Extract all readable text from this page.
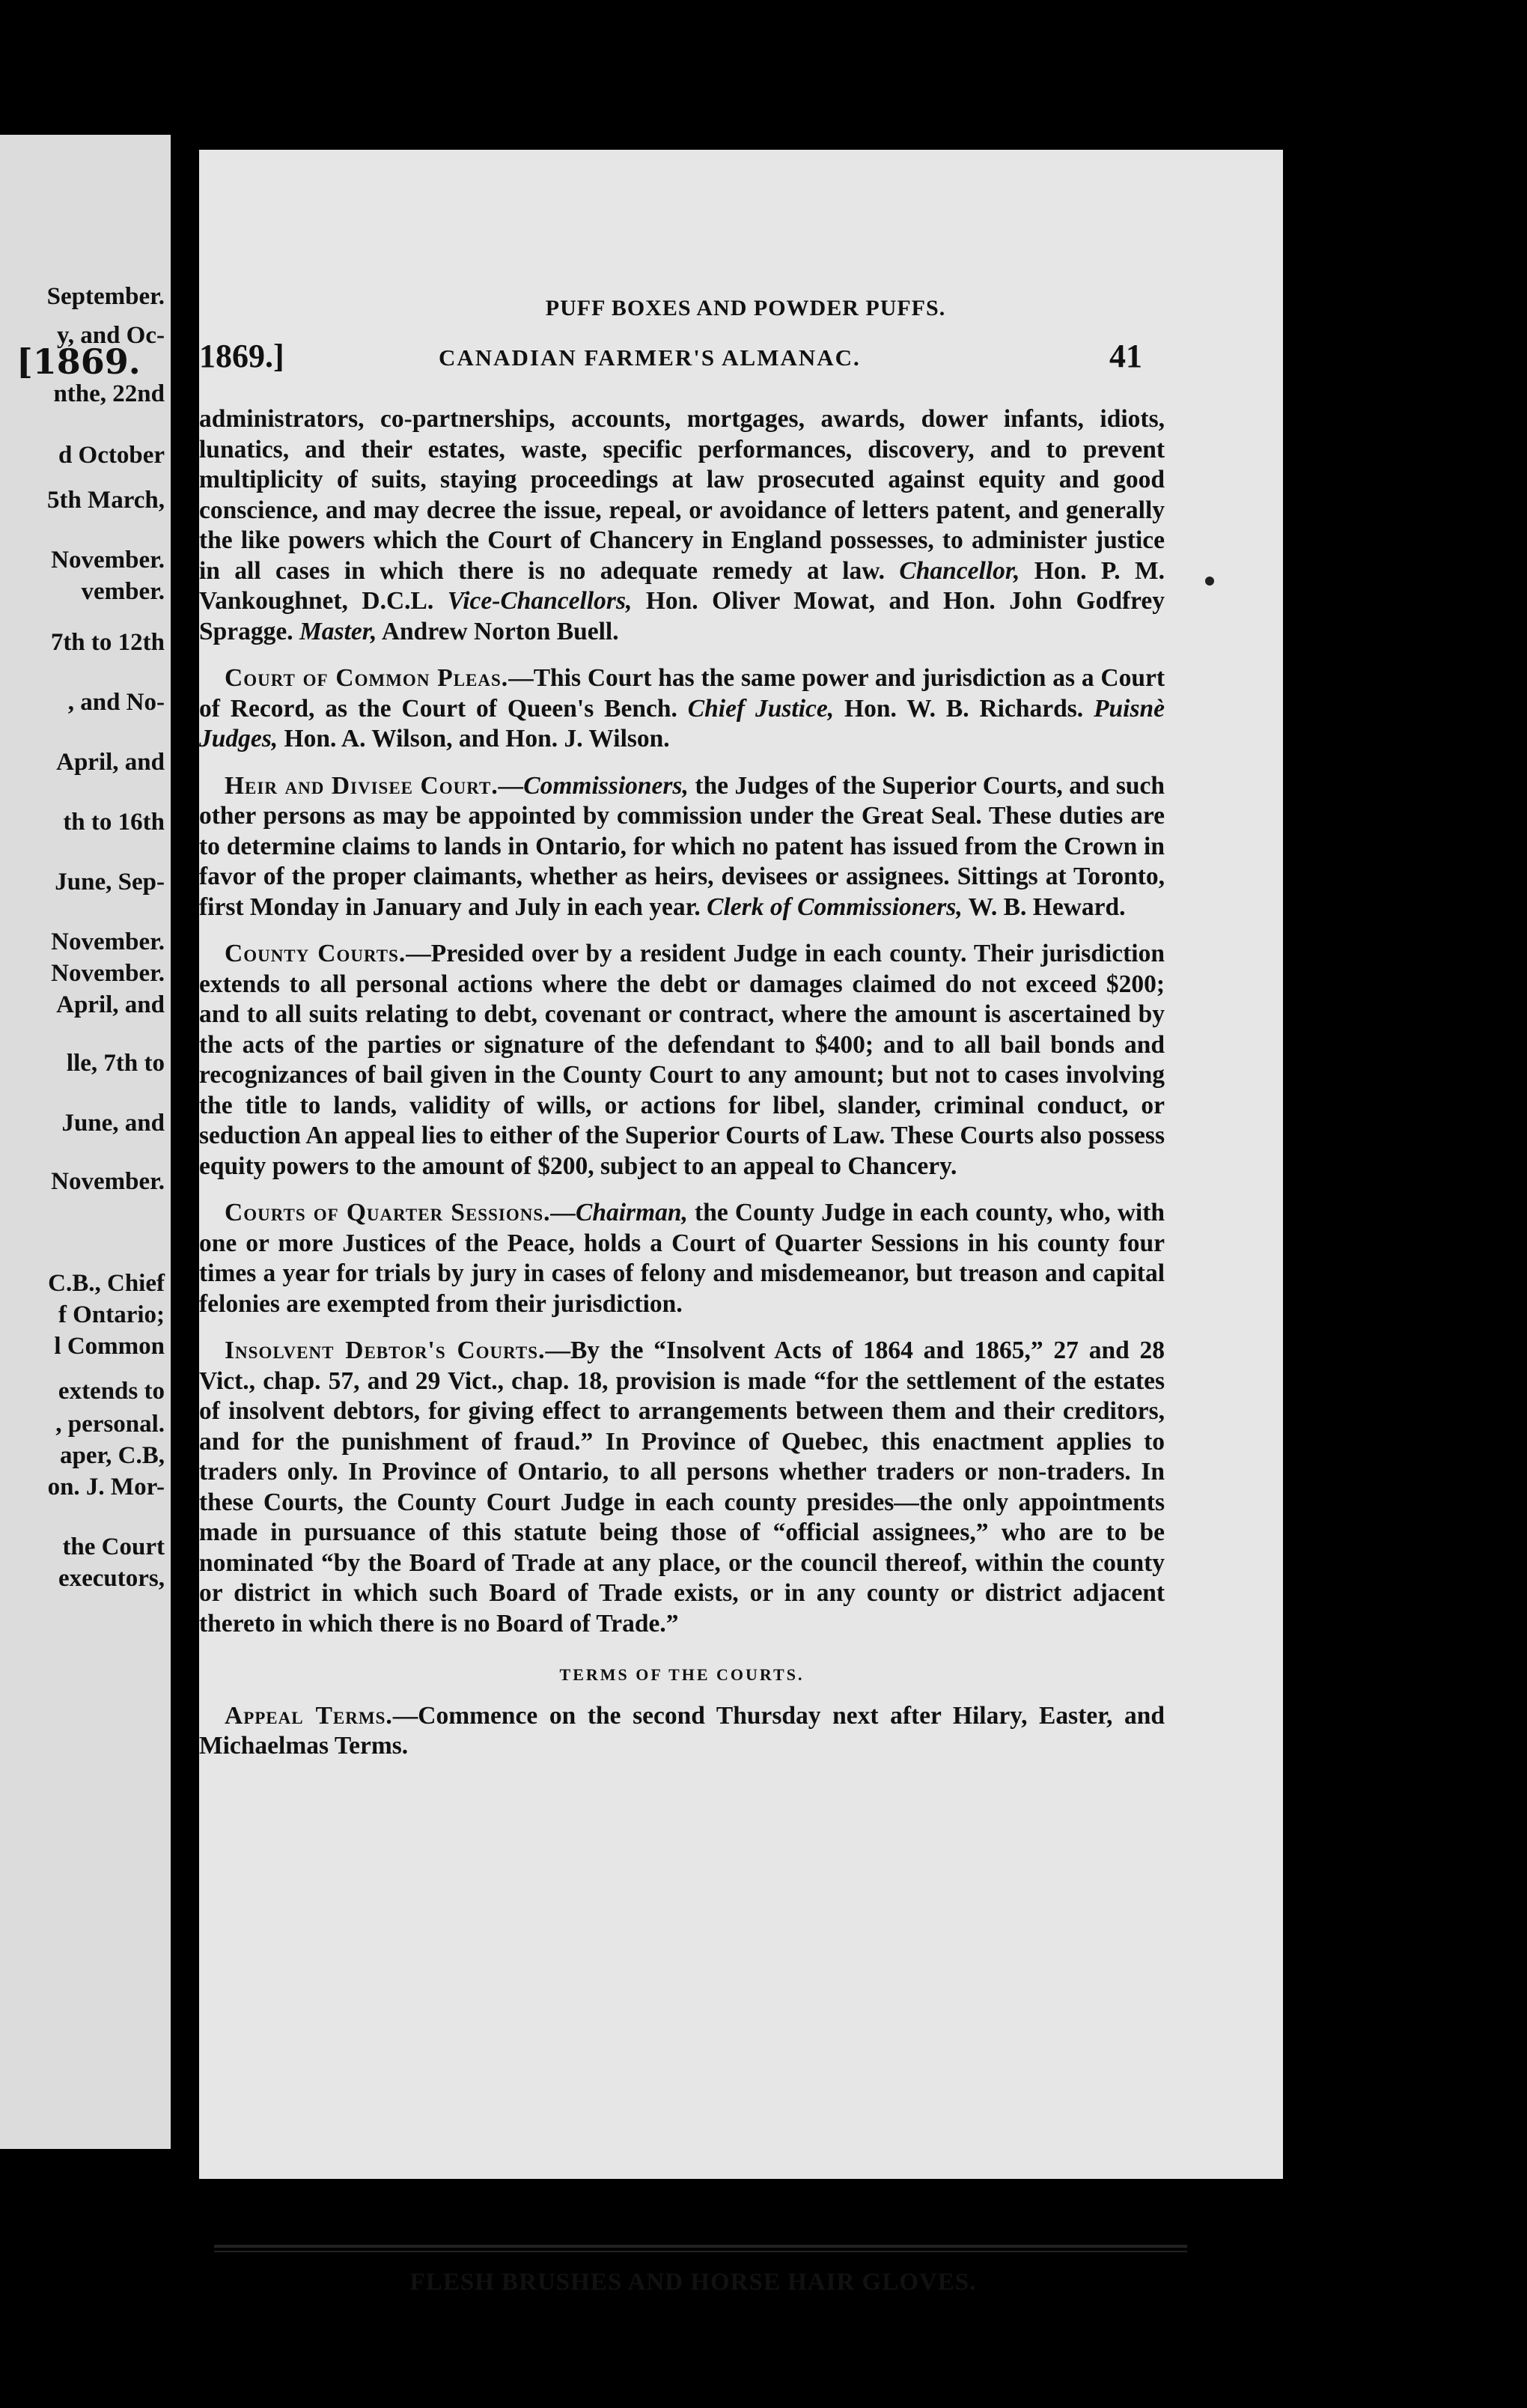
[1869.
September.
y, and Oc-
nthe, 22nd
d October
5th March,
November.
vember.
7th to 12th
, and No-
April, and
th to 16th
June, Sep-
November.
November.
April, and
lle, 7th to
June, and
November.
C.B., Chief
f Ontario;
l Common
extends to
, personal.
aper, C.B,
on. J. Mor-
the Court
executors,
PUFF BOXES AND POWDER PUFFS.
1869.]	CANADIAN FARMER'S ALMANAC.	41

administrators, co-partnerships, accounts, mortgages, awards, dower infants, idiots, lunatics, and their estates, waste, specific performances, discovery, and to prevent multiplicity of suits, staying proceedings at law prosecuted against equity and good conscience, and may decree the issue, repeal, or avoidance of letters patent, and generally the like powers which the Court of Chancery in England possesses, to administer justice in all cases in which there is no adequate remedy at law. Chancellor, Hon. P. M. Vankoughnet, D.C.L. Vice-Chancellors, Hon. Oliver Mowat, and Hon. John Godfrey Spragge. Master, Andrew Norton Buell.

Court of Common Pleas.—This Court has the same power and jurisdiction as a Court of Record, as the Court of Queen's Bench. Chief Justice, Hon. W. B. Richards. Puisnè Judges, Hon. A. Wilson, and Hon. J. Wilson.

Heir and Divisee Court.—Commissioners, the Judges of the Superior Courts, and such other persons as may be appointed by commission under the Great Seal. These duties are to determine claims to lands in Ontario, for which no patent has issued from the Crown in favor of the proper claimants, whether as heirs, devisees or assignees. Sittings at Toronto, first Monday in January and July in each year. Clerk of Commissioners, W. B. Heward.

County Courts.—Presided over by a resident Judge in each county. Their jurisdiction extends to all personal actions where the debt or damages claimed do not exceed $200; and to all suits relating to debt, covenant or contract, where the amount is ascertained by the acts of the parties or signature of the defendant to $400; and to all bail bonds and recognizances of bail given in the County Court to any amount; but not to cases involving the title to lands, validity of wills, or actions for libel, slander, criminal conduct, or seduction An appeal lies to either of the Superior Courts of Law. These Courts also possess equity powers to the amount of $200, subject to an appeal to Chancery.

Courts of Quarter Sessions.—Chairman, the County Judge in each county, who, with one or more Justices of the Peace, holds a Court of Quarter Sessions in his county four times a year for trials by jury in cases of felony and misdemeanor, but treason and capital felonies are exempted from their jurisdiction.

Insolvent Debtor's Courts.—By the “Insolvent Acts of 1864 and 1865,” 27 and 28 Vict., chap. 57, and 29 Vict., chap. 18, provision is made “for the settlement of the estates of insolvent debtors, for giving effect to arrangements between them and their creditors, and for the punishment of fraud.” In Province of Quebec, this enactment applies to traders only. In Province of Ontario, to all persons whether traders or non-traders. In these Courts, the County Court Judge in each county presides—the only appointments made in pursuance of this statute being those of “official assignees,” who are to be nominated “by the Board of Trade at any place, or the council thereof, within the county or district in which such Board of Trade exists, or in any county or district adjacent thereto in which there is no Board of Trade.”

TERMS OF THE COURTS.

Appeal Terms.—Commence on the second Thursday next after Hilary, Easter, and Michaelmas Terms.

FLESH BRUSHES AND HORSE HAIR GLOVES.
